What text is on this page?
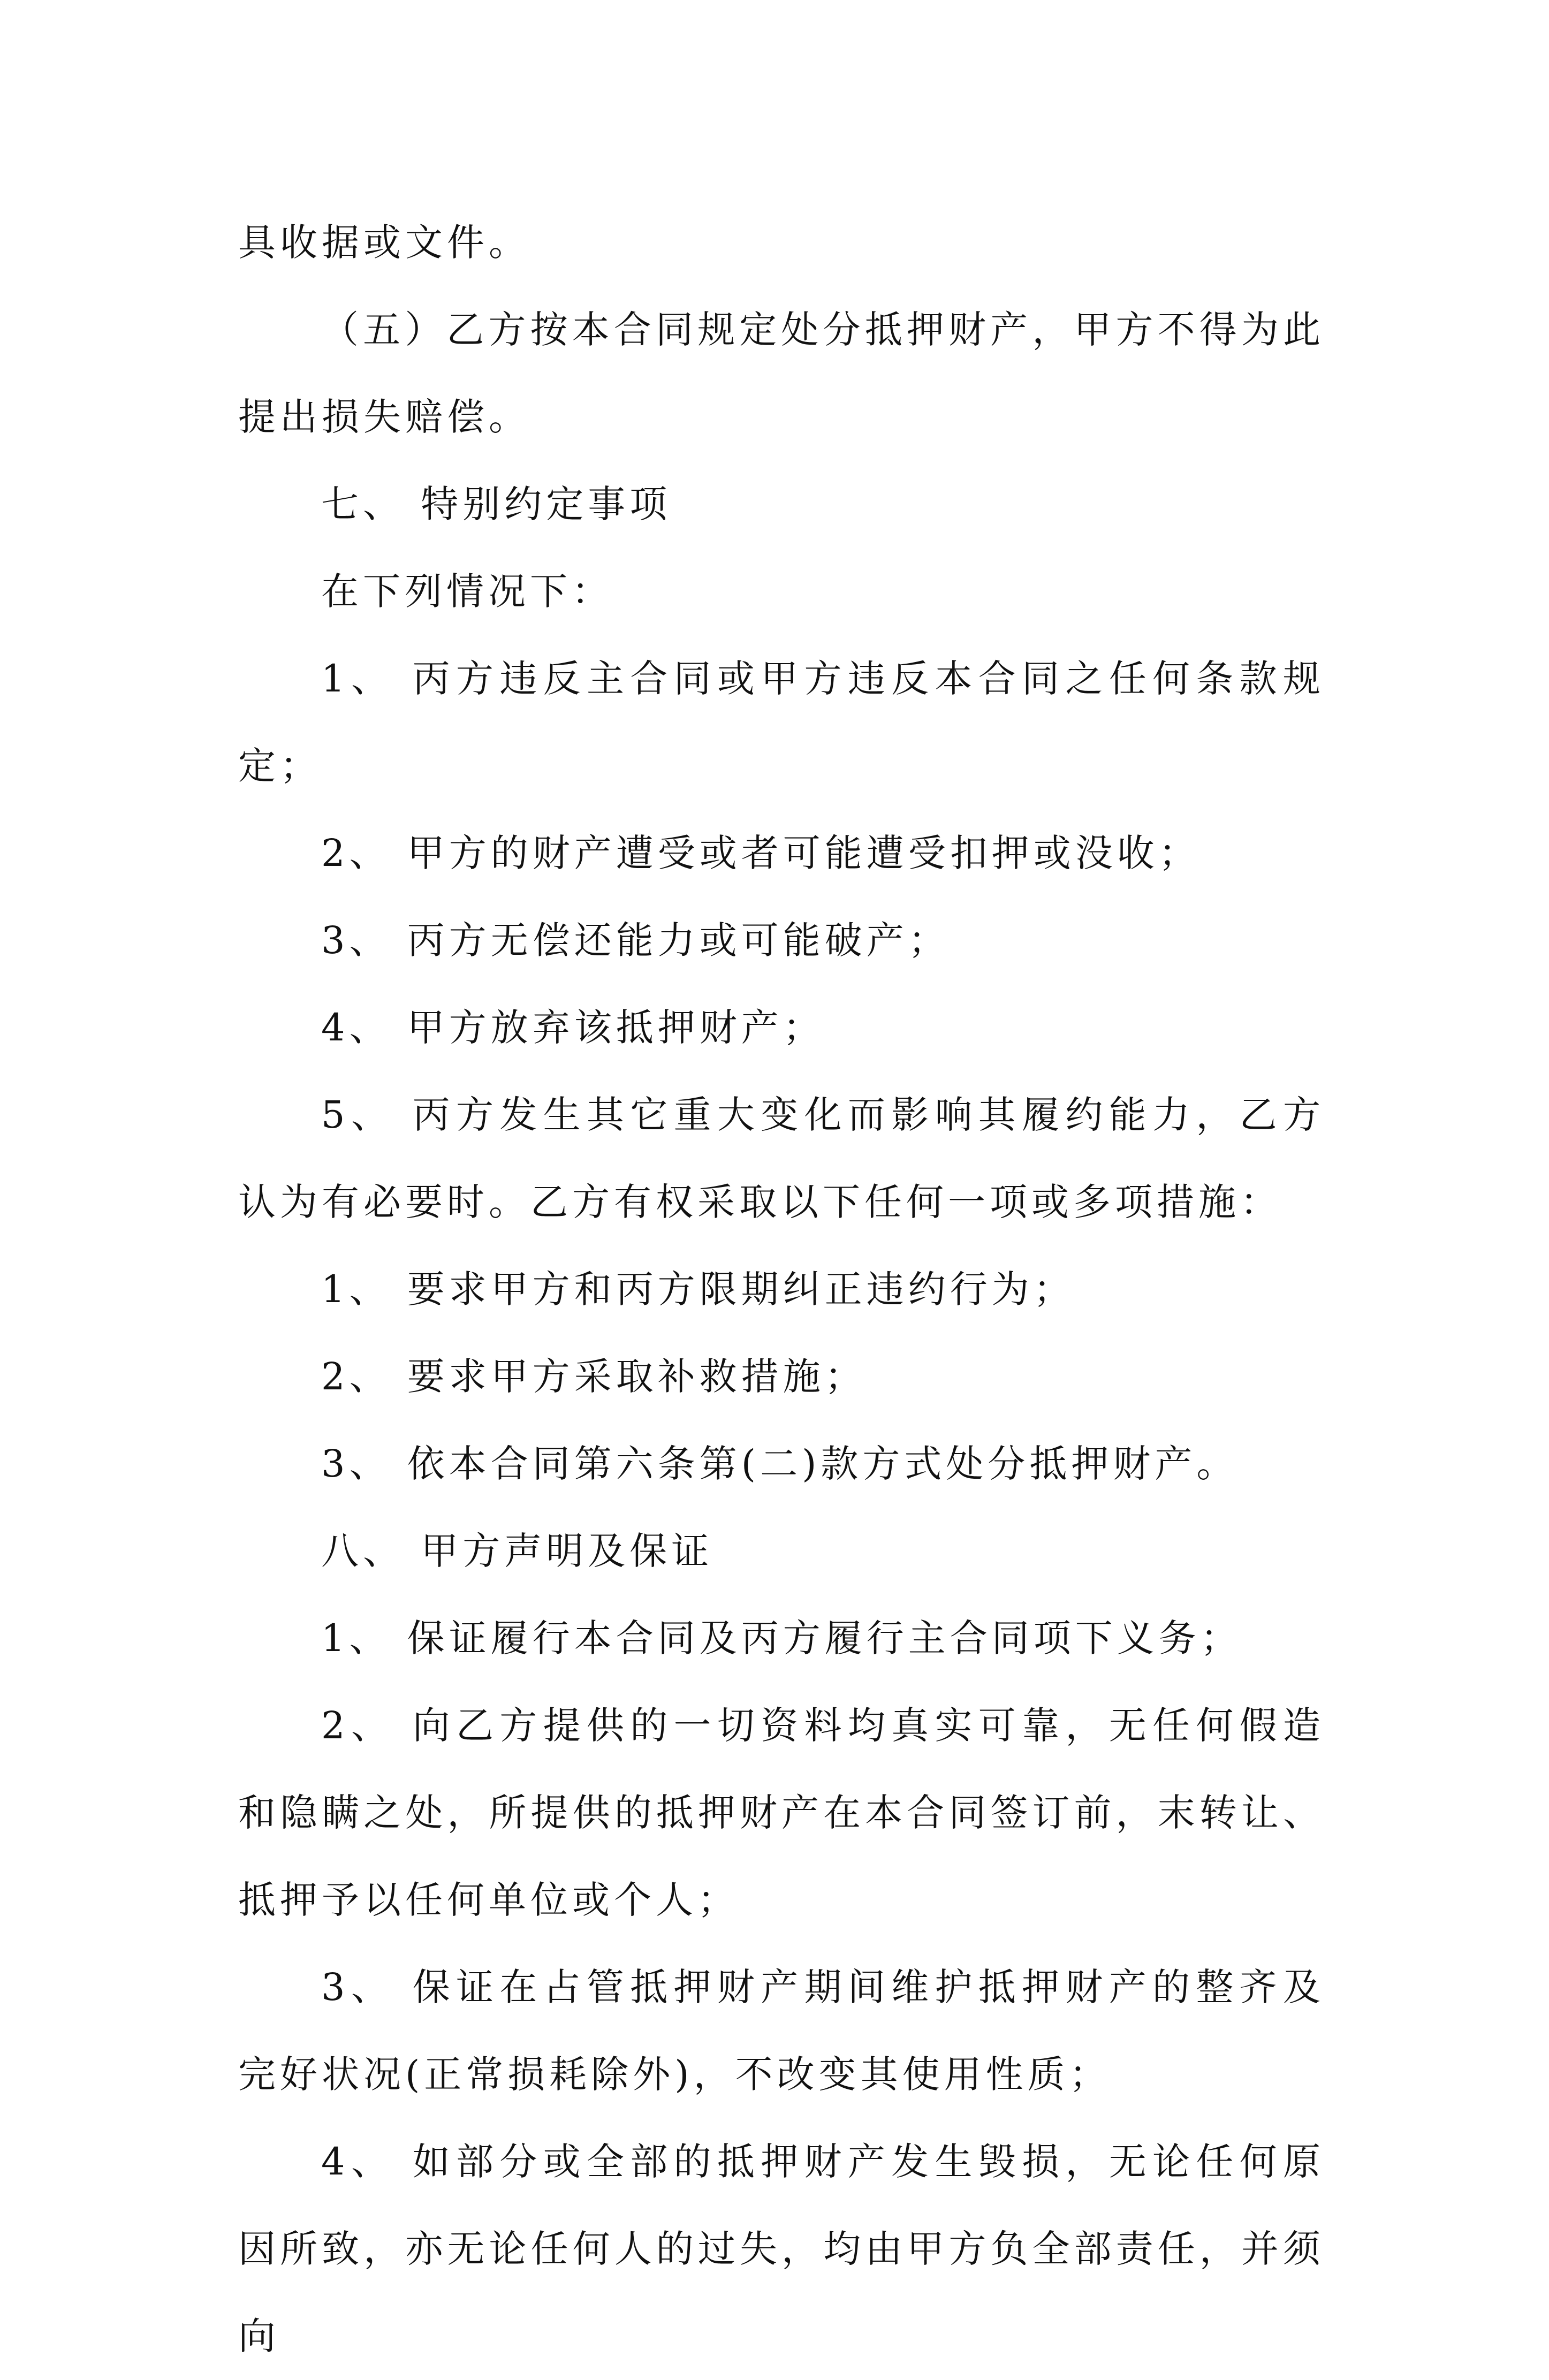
具收据或文件。

（五）乙方按本合同规定处分抵押财产，甲方不得为此提出损失赔偿。

七、 特别约定事项

在下列情况下：

1、 丙方违反主合同或甲方违反本合同之任何条款规定；

2、 甲方的财产遭受或者可能遭受扣押或没收；

3、 丙方无偿还能力或可能破产；

4、 甲方放弃该抵押财产；

5、 丙方发生其它重大变化而影响其履约能力，乙方认为有必要时。乙方有权采取以下任何一项或多项措施：

1、 要求甲方和丙方限期纠正违约行为；

2、 要求甲方采取补救措施；

3、 依本合同第六条第(二)款方式处分抵押财产。

八、 甲方声明及保证

1、 保证履行本合同及丙方履行主合同项下义务；

2、 向乙方提供的一切资料均真实可靠，无任何假造和隐瞒之处，所提供的抵押财产在本合同签订前，末转让、抵押予以任何单位或个人；

3、 保证在占管抵押财产期间维护抵押财产的整齐及完好状况(正常损耗除外)，不改变其使用性质；

4、 如部分或全部的抵押财产发生毁损，无论任何原因所致，亦无论任何人的过失，均由甲方负全部责任，并须向
